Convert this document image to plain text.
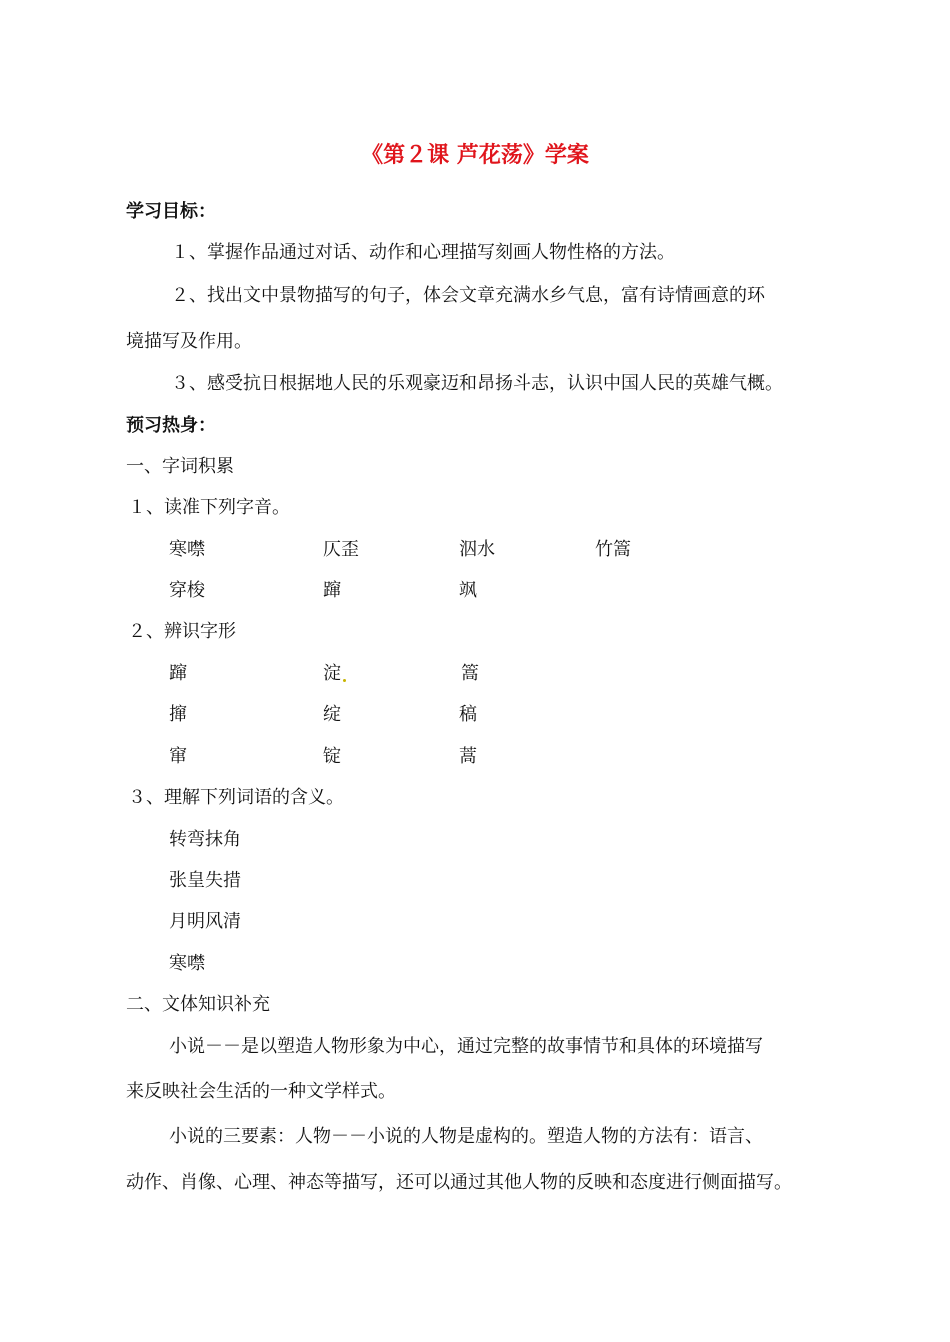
《第２课 芦花荡》学案
学习目标：
１、掌握作品通过对话、动作和心理描写刻画人物性格的方法。
２、找出文中景物描写的句子，体会文章充满水乡气息，富有诗情画意的环
境描写及作用。
３、感受抗日根据地人民的乐观豪迈和昂扬斗志，认识中国人民的英雄气概。
预习热身：
一、字词积累
１、读准下列字音。
寒噤	仄歪	泅水	竹篙
穿梭	蹿	飒
２、辨识字形
蹿	淀	篙
撺	绽	稿
窜	锭	蒿
３、理解下列词语的含义。
转弯抹角
张皇失措
月明风清
寒噤
二、文体知识补充
小说－－是以塑造人物形象为中心，通过完整的故事情节和具体的环境描写
来反映社会生活的一种文学样式。
小说的三要素：人物－－小说的人物是虚构的。塑造人物的方法有：语言、
动作、肖像、心理、神态等描写，还可以通过其他人物的反映和态度进行侧面描写。
